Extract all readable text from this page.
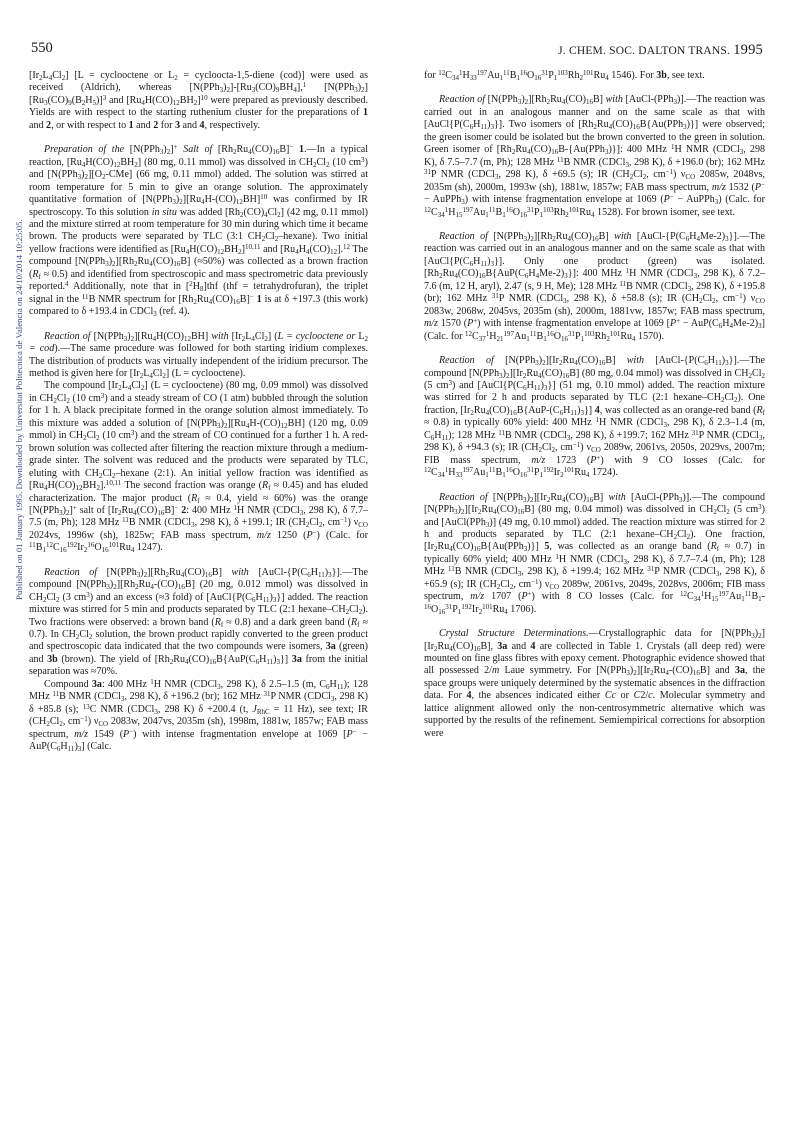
550	J. CHEM. SOC. DALTON TRANS. 1995
Published on 01 January 1995. Downloaded by Universitat Politecnica de Valencia on 24/10/2014 10:25:05.

$[Ir_2L_4Cl_2] [L$ = cyclooctene or $L_2$ = cycloocta-1,5-diene (cod)] were used as received (Aldrich), whereas $[N(PPh_3)_2]-[Ru_3(CO)_9BH_4],^1$ $[N(PPh_3)_2][Ru_3(CO)_9(B_2H_5)]^3$ and $[Ru_4H(CO)_{12}BH_2]^{10}$ were prepared as previously described. Yields are with respect to the starting ruthenium cluster for the preparations of 1 and 2, or with respect to 1 and 2 for 3 and 4, respectively.

Preparation of the $[N(PPh_3)_2]^+$ Salt of $[Rh_2Ru_4(CO)_{16}B]^-$ 1.—In a typical reaction, $[Ru_4H(CO)_{12}BH_2]$ (80 mg, 0.11 mmol) was dissolved in $CH_2Cl_2$ (10 $cm^3$) and $[N(PPh_3)_2][O_2-CMe]$ (66 mg, 0.11 mmol) added. The solution was stirred at room temperature for 5 min to give an orange solution. The approximately quantitative formation of $[N(PPh_3)_2][Ru_4H-(CO)_{12}BH]^{10}$ was confirmed by IR spectroscopy. To this solution in situ was added $[Rh_2(CO)_4Cl_2]$ (42 mg, 0.11 mmol) and the mixture stirred at room temperature for 30 min during which time it became brown. The products were separated by TLC (3:1 $CH_2Cl_2-hexane$). Two initial yellow fractions were identified as $[Ru_4H(CO)_{12}BH_2]^{10,11}$ and $[Ru_4H_4(CO)_{12}].^{12}$ The compound $[N(PPh_3)_2][Rh_2Ru_4(CO)_{16}B]$ (≈50%) was collected as a brown fraction $(R_f \approx 0.5)$ and identified from spectroscopic and mass spectrometric data previously reported.$^4$ Additionally, note that in $[^2H_8]thf$ (thf = tetrahydrofuran), the triplet signal in the $^{11}$B NMR spectrum for $[Rh_2Ru_4(CO)_{16}B]^-$ 1 is at δ +197.3 (this work) compared to δ +193.4 in CDCl$_3$ (ref. 4).

Reaction of $[N(PPh_3)_2][Ru_4H(CO)_{12}BH]$ with $[Ir_2L_4Cl_2] (L$ = cyclooctene or $L_2$ = cod).—The same procedure was followed for both starting iridium complexes. The distribution of products was virtually independent of the iridium precursor. The method is given here for $[Ir_2L_4Cl_2] (L$ = cyclooctene).

The compound $[Ir_2L_4Cl_2] (L$ = cyclooctene) (80 mg, 0.09 mmol) was dissolved in $CH_2Cl_2$ (10 $cm^3$) and a steady stream of CO (1 atm) bubbled through the solution for 1 h. A black precipitate formed in the orange solution almost immediately. To this mixture was added a solution of $[N(PPh_3)_2][Ru_4H-(CO)_{12}BH]$ (120 mg, 0.09 mmol) in $CH_2Cl_2$ (10 $cm^3$) and the stream of CO continued for a further 1 h. A red-brown solution was collected after filtering the reaction mixture through a medium-grade sinter. The solvent was reduced and the products were separated by TLC, eluting with $CH_2Cl_2$–hexane (2:1). An initial yellow fraction was identified as $[Ru_4H(CO)_{12}BH_2].^{10,11}$ The second fraction was orange $(R_f \approx 0.45)$ and has eluded characterization. The major product ($R_f \approx 0.4$, yield ≈ 60%) was the orange $[N(PPh_3)_2]^+$ salt of $[Ir_2Ru_4(CO)_{16}B]^-$ 2: 400 MHz $^1$H NMR (CDCl$_3$, 298 K), δ 7.7–7.5 (m, Ph); 128 MHz $^{11}$B NMR (CDCl$_3$, 298 K), δ +199.1; IR ($CH_2Cl_2$, $cm^{-1}$) $\nu_{CO}$ 2024vs, 1996w (sh), 1825w; FAB mass spectrum, m/z 1250 (P−) (Calc. for $^{11}B_1^{12}C_{16}^{192}Ir_2^{16}O_{16}^{101}Ru_4$ 1247).

Reaction of $[N(PPh_3)_2][Rh_2Ru_4(CO)_{16}B]$ with $[AuCl-\{P(C_6H_{11})_3\}].—The$ compound $[N(PPh_3)_2][Rh_2Ru_4-(CO)_{16}B]$ (20 mg, 0.012 mmol) was dissolved in $CH_2Cl_2$ (3 $cm^3$) and an excess (≈3 fold) of $[AuCl\{P(C_6H_{11})_3\}]$ added. The reaction mixture was stirred for 5 min and products separated by TLC (2:1 hexane–$CH_2Cl_2$). Two fractions were observed: a brown band $(R_f \approx 0.8)$ and a dark green band $(R_f \approx 0.7)$. In $CH_2Cl_2$ solution, the brown product rapidly converted to the green product and spectroscopic data indicated that the two compounds were isomers, 3a (green) and 3b (brown). The yield of $[Rh_2Ru_4(CO)_{16}B\{AuP(C_6H_{11})_3\}]$ 3a from the initial separation was ≈70%.

Compound 3a: 400 MHz $^1$H NMR (CDCl$_3$, 298 K), δ 2.5–1.5 (m, $C_6H_{11}$); 128 MHz $^{11}$B NMR (CDCl$_3$, 298 K), δ +196.2 (br); 162 MHz $^{31}$P NMR (CDCl$_3$, 298 K) δ +85.8 (s); $^{13}$C NMR (CDCl$_3$, 298 K) δ +200.4 (t, $J_{RhC} = 11$ Hz), see text; IR ($CH_2Cl_2$, $cm^{-1}$) $\nu_{CO}$ 2083w, 2047vs, 2035m (sh), 1998m, 1881w, 1857w; FAB mass spectrum, m/z 1549 (P−) with intense fragmentation envelope at 1069 $[P^- - AuP(C_6H_{11})_3]$ (Calc.

for $^{12}C_{34}^1H_{33}^{197}Au_1^{11}B_1^{16}O_{16}^{31}P_1^{103}Rh_2^{101}Ru_4$ 1546). For 3b, see text.

Reaction of $[N(PPh_3)_2][Rh_2Ru_4(CO)_{16}B]$ with [AuCl-(PPh$_3$)].—The reaction was carried out in an analogous manner and on the same scale as that with $[AuCl\{P(C_6H_{11})_3\}]$. Two isomers of $[Rh_2Ru_4(CO)_{16}B\{Au(PPh_3)\}]$ were observed; the green isomer could be isolated but the brown converted to the green in solution. Green isomer of $[Rh_2Ru_4(CO)_{16}B-\{Au(PPh_3)\}]$: 400 MHz $^1$H NMR (CDCl$_3$, 298 K), δ 7.5–7.7 (m, Ph); 128 MHz $^{11}$B NMR (CDCl$_3$, 298 K), δ +196.0 (br); 162 MHz $^{31}$P NMR (CDCl$_3$, 298 K), δ +69.5 (s); IR ($CH_2Cl_2$, $cm^{-1}$) $\nu_{CO}$ 2085w, 2048vs, 2035m (sh), 2000m, 1993w (sh), 1881w, 1857w; FAB mass spectrum, m/z 1532 (P− − AuPPh$_3$) with intense fragmentation envelope at 1069 (P− − AuPPh$_3$) (Calc. for $^{12}C_{34}^1H_{15}^{197}Au_1^{11}B_1^{16}O_{16}^{31}P_1^{103}Rh_2^{101}Ru_4$ 1528). For brown isomer, see text.

Reaction of $[N(PPh_3)_2][Rh_2Ru_4(CO)_{16}B]$ with $[AuCl-\{P(C_6H_4Me-2)_3\}].—The$ reaction was carried out in an analogous manner and on the same scale as that with $[AuCl\{P(C_6H_{11})_3\}]$. Only one product (green) was isolated. $[Rh_2Ru_4(CO)_{16}B\{AuP(C_6H_4Me-2)_3\}]$: 400 MHz $^1$H NMR (CDCl$_3$, 298 K), δ 7.2–7.6 (m, 12 H, aryl), 2.47 (s, 9 H, Me); 128 MHz $^{11}$B NMR (CDCl$_3$, 298 K), δ +195.8 (br); 162 MHz $^{31}$P NMR (CDCl$_3$, 298 K), δ +58.8 (s); IR ($CH_2Cl_2$, $cm^{-1}$) $\nu_{CO}$ 2083w, 2068w, 2045vs, 2035m (sh), 2000m, 1881vw, 1857w; FAB mass spectrum, m/z 1570 (P+) with intense fragmentation envelope at 1069 $[P^+ - AuP(C_6H_4Me-2)_3]$ (Calc. for $^{12}C_{37}^1H_{21}^{197}Au_1^{11}B_1^{16}O_{16}^{31}P_1^{103}Rh_2^{101}Ru_4$ 1570).

Reaction of $[N(PPh_3)_2][Ir_2Ru_4(CO)_{16}B]$ with $[AuCl-\{P(C_6H_{11})_3\}].—The$ compound $[N(PPh_3)_2][Ir_2Ru_4(CO)_{16}B]$ (80 mg, 0.04 mmol) was dissolved in $CH_2Cl_2$ (5 $cm^3$) and $[AuCl\{P(C_6H_{11})_3\}]$ (51 mg, 0.10 mmol) added. The reaction mixture was stirred for 2 h and products separated by TLC (2:1 hexane–$CH_2Cl_2$). One fraction, $[Ir_2Ru_4(CO)_{16}B\{AuP-(C_6H_{11})_3\}]$ 4, was collected as an orange-red band $(R_f \approx 0.8)$ in typically 60% yield: 400 MHz $^1$H NMR (CDCl$_3$, 298 K), δ 2.3–1.4 (m, $C_6H_{11}$); 128 MHz $^{11}$B NMR (CDCl$_3$, 298 K), δ +199.7; 162 MHz $^{31}$P NMR (CDCl$_3$, 298 K), δ +94.3 (s); IR ($CH_2Cl_2$, $cm^{-1}$) $\nu_{CO}$ 2089w, 2061vs, 2050s, 2029vs, 2007m; FIB mass spectrum, m/z 1723 (P+) with 9 CO losses (Calc. for $^{12}C_{34}^1H_{33}^{197}Au_1^{11}B_1^{16}O_{16}^{31}P_1^{192}Ir_2^{101}Ru_4$ 1724).

Reaction of $[N(PPh_3)_2][Ir_2Ru_4(CO)_{16}B]$ with [AuCl-(PPh$_3$)].—The compound $[N(PPh_3)_2][Ir_2Ru_4(CO)_{16}B]$ (80 mg, 0.04 mmol) was dissolved in $CH_2Cl_2$ (5 $cm^3$) and [AuCl(PPh$_3$)] (49 mg, 0.10 mmol) added. The reaction mixture was stirred for 2 h and products separated by TLC (2:1 hexane–$CH_2Cl_2$). One fraction, $[Ir_2Ru_4(CO)_{16}B\{Au(PPh_3)\}]$ 5, was collected as an orange band $(R_f \approx 0.7)$ in typically 60% yield; 400 MHz $^1$H NMR (CDCl$_3$, 298 K), δ 7.7–7.4 (m, Ph); 128 MHz $^{11}$B NMR (CDCl$_3$, 298 K), δ +199.4; 162 MHz $^{31}$P NMR (CDCl$_3$, 298 K), δ +65.9 (s); IR ($CH_2Cl_2$, $cm^{-1}$) $\nu_{CO}$ 2089w, 2061vs, 2049s, 2028vs, 2006m; FIB mass spectrum, m/z 1707 (P+) with 8 CO losses (Calc. for $^{12}C_{34}^1H_{15}^{197}Au_1^{11}B_1-^{16}O_{16}^{31}P_1^{192}Ir_2^{101}Ru_4$ 1706).

Crystal Structure Determinations.—Crystallographic data for $[N(PPh_3)_2][Ir_2Ru_4(CO)_{16}B]$, 3a and 4 are collected in Table 1. Crystals (all deep red) were mounted on fine glass fibres with epoxy cement. Photographic evidence showed that all possessed 2/m Laue symmetry. For $[N(PPh_3)_2][Ir_2Ru_4-(CO)_{16}B]$ and 3a, the space groups were uniquely determined by the systematic absences in the diffraction data. For 4, the absences indicated either Cc or C2/c. Molecular symmetry and lattice alignment allowed only the non-centrosymmetric alternative which was supported by the results of the refinement. Semiempirical corrections for absorption were
